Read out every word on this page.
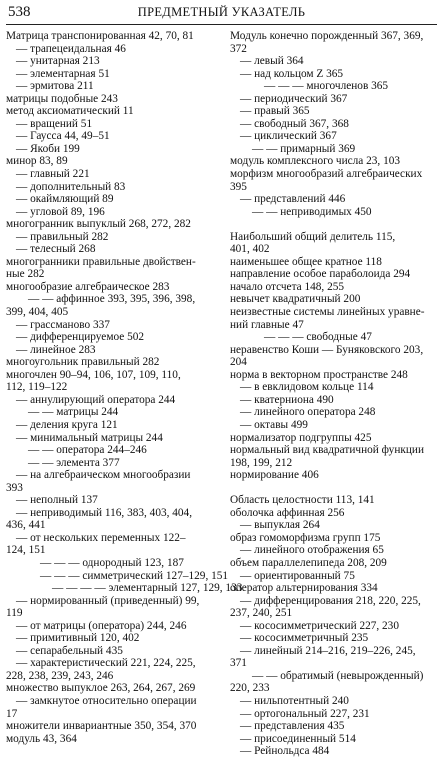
538	ПРЕДМЕТНЫЙ УКАЗАТЕЛЬ
Матрица транспонированная 42, 70, 81
— трапецеидальная 46
— унитарная 213
— элементарная 51
— эрмитова 211
матрицы подобные 243
метод аксиоматический 11
— вращений 51
— Гаусса 44, 49–51
— Якоби 199
минор 83, 89
— главный 221
— дополнительный 83
— окаймляющий 89
— угловой 89, 196
многогранник выпуклый 268, 272, 282
— правильный 282
— телесный 268
многогранники правильные двойствен-
ные 282
многообразие алгебраическое 283
— — аффинное 393, 395, 396, 398,
399, 404, 405
— грассманово 337
— дифференцируемое 502
— линейное 283
многоугольник правильный 282
многочлен 90–94, 106, 107, 109, 110,
112, 119–122
— аннулирующий оператора 244
— — матрицы 244
— деления круга 121
— минимальный матрицы 244
— — оператора 244–246
— — элемента 377
— на алгебраическом многообразии
393
— неполный 137
— неприводимый 116, 383, 403, 404,
436, 441
— от нескольких переменных 122–
124, 151
— — — однородный 123, 187
— — — симметрический 127–129, 151
— — — — элементарный 127, 129, 133
— нормированный (приведенный) 99,
119
— от матрицы (оператора) 244, 246
— примитивный 120, 402
— сепарабельный 435
— характеристический 221, 224, 225,
228, 238, 239, 243, 246
множество выпуклое 263, 264, 267, 269
— замкнутое относительно операции
17
множители инвариантные 350, 354, 370
модуль 43, 364
Модуль конечно порожденный 367, 369,
372
— левый 364
— над кольцом Z 365
— — — многочленов 365
— периодический 367
— правый 365
— свободный 367, 368
— циклический 367
— — примарный 369
модуль комплексного числа 23, 103
морфизм многообразий алгебраических
395
— представлений 446
— — неприводимых 450
Наибольший общий делитель 115,
401, 402
наименьшее общее кратное 118
направление особое параболоида 294
начало отсчета 148, 255
невычет квадратичный 200
неизвестные системы линейных уравне-
ний главные 47
— — — свободные 47
неравенство Коши — Буняковского 203,
204
норма в векторном пространстве 248
— в евклидовом кольце 114
— кватерниона 490
— линейного оператора 248
— октавы 499
нормализатор подгруппы 425
нормальный вид квадратичной функции
198, 199, 212
нормирование 406
Область целостности 113, 141
оболочка аффинная 256
— выпуклая 264
образ гомоморфизма групп 175
— линейного отображения 65
объем параллелепипеда 208, 209
— ориентированный 75
оператор альтернирования 334
— дифференцирования 218, 220, 225,
237, 240, 251
— кососимметрический 227, 230
— кососимметричный 235
— линейный 214–216, 219–226, 245,
371
— — обратимый (невырожденный)
220, 233
— нильпотентный 240
— ортогональный 227, 231
— представления 435
— присоединенный 514
— Рейнольдса 484
